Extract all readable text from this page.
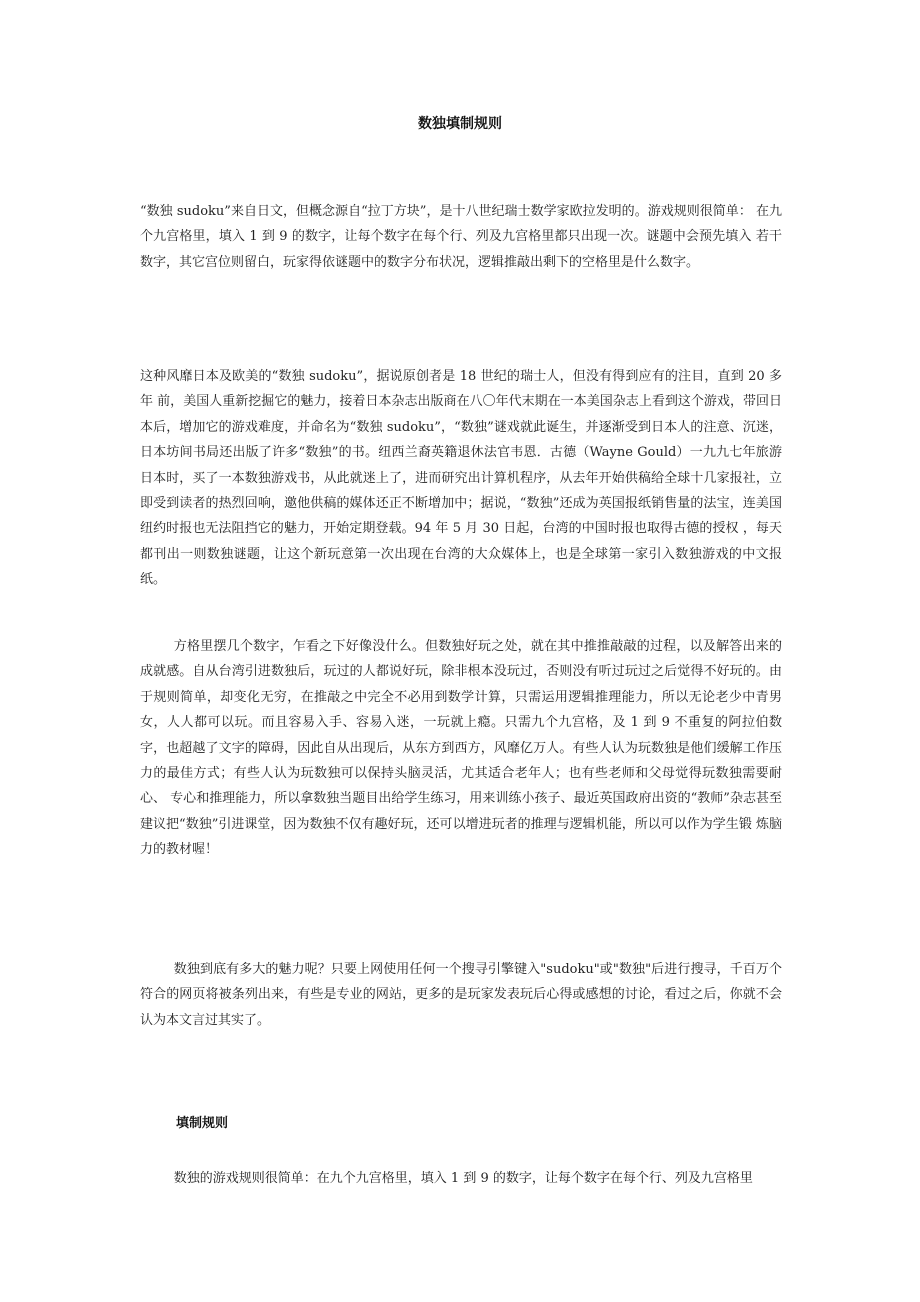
数独填制规则

“数独 sudoku”来自日文，但概念源自“拉丁方块”，是十八世纪瑞士数学家欧拉发明的。游戏规则很简单： 在九个九宫格里，填入 1 到 9 的数字，让每个数字在每个行、列及九宫格里都只出现一次。谜题中会预先填入 若干数字，其它宫位则留白，玩家得依谜题中的数字分布状况，逻辑推敲出剩下的空格里是什么数字。

这种风靡日本及欧美的“数独 sudoku”，据说原创者是 18 世纪的瑞士人，但没有得到应有的注目，直到 20 多年 前，美国人重新挖掘它的魅力，接着日本杂志出版商在八〇年代末期在一本美国杂志上看到这个游戏，带回日本后，增加它的游戏难度，并命名为“数独 sudoku”，“数独”谜戏就此诞生，并逐渐受到日本人的注意、沉迷，日本坊间书局还出版了许多“数独”的书。纽西兰裔英籍退休法官韦恩．古德（Wayne Gould）一九九七年旅游日本时，买了一本数独游戏书，从此就迷上了，进而研究出计算机程序，从去年开始供稿给全球十几家报社，立即受到读者的热烈回响，邀他供稿的媒体还正不断增加中；据说，“数独”还成为英国报纸销售量的法宝，连美国纽约时报也无法阻挡它的魅力，开始定期登载。94 年 5 月 30 日起，台湾的中国时报也取得古德的授权 ，每天都刊出一则数独谜题，让这个新玩意第一次出现在台湾的大众媒体上，也是全球第一家引入数独游戏的中文报纸。

方格里摆几个数字，乍看之下好像没什么。但数独好玩之处，就在其中推推敲敲的过程，以及解答出来的成就感。自从台湾引进数独后，玩过的人都说好玩，除非根本没玩过，否则没有听过玩过之后觉得不好玩的。由于规则简单，却变化无穷，在推敲之中完全不必用到数学计算，只需运用逻辑推理能力，所以无论老少中青男女，人人都可以玩。而且容易入手、容易入迷，一玩就上瘾。只需九个九宫格，及 1 到 9 不重复的阿拉伯数字，也超越了文字的障碍，因此自从出现后，从东方到西方，风靡亿万人。有些人认为玩数独是他们缓解工作压力的最佳方式；有些人认为玩数独可以保持头脑灵活，尤其适合老年人；也有些老师和父母觉得玩数独需要耐心、 专心和推理能力，所以拿数独当题目出给学生练习，用来训练小孩子、最近英国政府出资的“教师”杂志甚至建议把“数独”引进课堂，因为数独不仅有趣好玩，还可以增进玩者的推理与逻辑机能，所以可以作为学生锻 炼脑力的教材喔！

数独到底有多大的魅力呢？只要上网使用任何一个搜寻引擎键入"sudoku"或"数独"后进行搜寻，千百万个符合的网页将被条列出来，有些是专业的网站，更多的是玩家发表玩后心得或感想的讨论，看过之后，你就不会认为本文言过其实了。

填制规则

数独的游戏规则很简单：在九个九宫格里，填入 1 到 9 的数字，让每个数字在每个行、列及九宫格里
